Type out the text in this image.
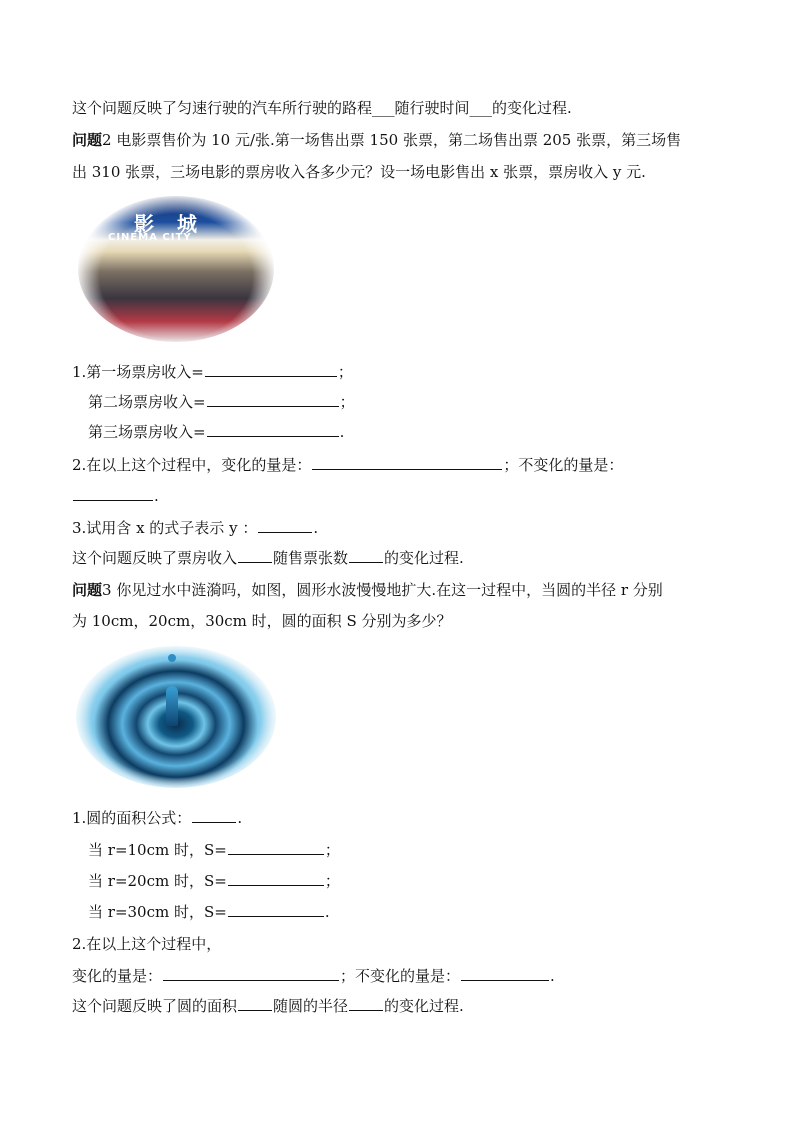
这个问题反映了匀速行驶的汽车所行驶的路程___随行驶时间___的变化过程.
问题2 电影票售价为 10 元/张.第一场售出票 150 张票，第二场售出票 205 张票，第三场售
出 310 张票，三场电影的票房收入各多少元？设一场电影售出 x 张票，票房收入 y 元.
影 城
CINEMA CITY
1.第一场票房收入=	；
第二场票房收入=	；
第三场票房收入=	.
2.在以上这个过程中，变化的量是：	；不变化的量是：
.
3.试用含 x 的式子表示 y ：	.
这个问题反映了票房收入 随售票张数 的变化过程.
问题3 你见过水中涟漪吗，如图，圆形水波慢慢地扩大.在这一过程中，当圆的半径 r 分别
为 10cm，20cm，30cm 时，圆的面积 S 分别为多少？
1.圆的面积公式：	.
当 r=10cm 时，S=	；
当 r=20cm 时，S=	；
当 r=30cm 时，S=	.
2.在以上这个过程中，
变化的量是：	；不变化的量是：	.
这个问题反映了圆的面积 随圆的半径 的变化过程.
